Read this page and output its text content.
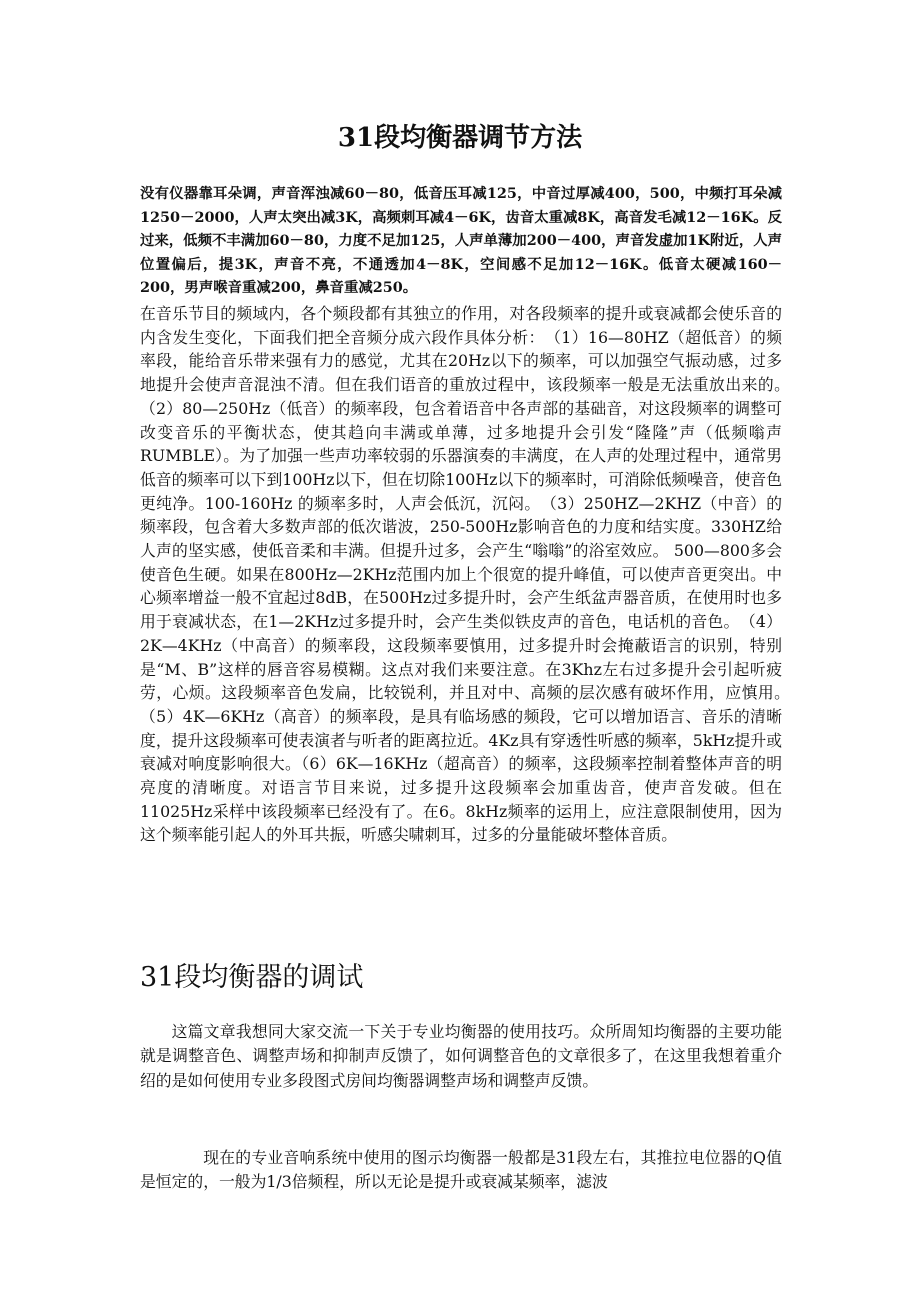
31段均衡器调节方法

没有仪器靠耳朵调，声音浑浊减60－80，低音压耳减125，中音过厚减400，500，中频打耳朵减1250－2000，人声太突出减3K，高频刺耳减4－6K，齿音太重减8K，高音发毛减12－16K。反过来，低频不丰满加60－80，力度不足加125，人声单薄加200－400，声音发虚加1K附近，人声位置偏后，提3K，声音不亮，不通透加4－8K，空间感不足加12－16K。低音太硬减160－200，男声喉音重减200，鼻音重减250。

在音乐节目的频域内，各个频段都有其独立的作用，对各段频率的提升或衰减都会使乐音的内含发生变化，下面我们把全音频分成六段作具体分析：　（1）16—80HZ（超低音）的频率段，能给音乐带来强有力的感觉，尤其在20Hz以下的频率，可以加强空气振动感，过多地提升会使声音混浊不清。但在我们语音的重放过程中，该段频率一般是无法重放出来的。　（2）80—250Hz（低音）的频率段，包含着语音中各声部的基础音，对这段频率的调整可改变音乐的平衡状态，使其趋向丰满或单薄，过多地提升会引发“隆隆”声（低频嗡声RUMBLE）。为了加强一些声功率较弱的乐器演奏的丰满度，在人声的处理过程中，通常男低音的频率可以下到100Hz以下，但在切除100Hz以下的频率时，可消除低频噪音，使音色更纯净。100-160Hz 的频率多时，人声会低沉，沉闷。　（3）250HZ—2KHZ（中音）的频率段，包含着大多数声部的低次谐波，250-500Hz影响音色的力度和结实度。330HZ给人声的坚实感，使低音柔和丰满。但提升过多，会产生“嗡嗡”的浴室效应。 500—800多会使音色生硬。如果在800Hz—2KHz范围内加上个很宽的提升峰值，可以使声音更突出。中心频率增益一般不宜起过8dB，在500Hz过多提升时，会产生纸盆声器音质，在使用时也多用于衰减状态，在1—2KHz过多提升时，会产生类似铁皮声的音色，电话机的音色。　（4）2K—4KHz（中高音）的频率段，这段频率要慎用，过多提升时会掩蔽语言的识别，特别是“M、B”这样的唇音容易模糊。这点对我们来要注意。在3Khz左右过多提升会引起听疲劳，心烦。这段频率音色发扁，比较锐利，并且对中、高频的层次感有破坏作用，应慎用。　（5）4K—6KHz（高音）的频率段，是具有临场感的频段，它可以增加语言、音乐的清晰度，提升这段频率可使表演者与听者的距离拉近。4Kz具有穿透性听感的频率，5kHz提升或衰减对响度影响很大。（6）6K—16KHz（超高音）的频率，这段频率控制着整体声音的明亮度的清晰度。对语言节目来说，过多提升这段频率会加重齿音，使声音发破。但在11025Hz采样中该段频率已经没有了。在6。8kHz频率的运用上，应注意限制使用，因为这个频率能引起人的外耳共振，听感尖啸刺耳，过多的分量能破坏整体音质。

31段均衡器的调试

这篇文章我想同大家交流一下关于专业均衡器的使用技巧。众所周知均衡器的主要功能就是调整音色、调整声场和抑制声反馈了，如何调整音色的文章很多了，在这里我想着重介绍的是如何使用专业多段图式房间均衡器调整声场和调整声反馈。

现在的专业音响系统中使用的图示均衡器一般都是31段左右，其推拉电位器的Q值是恒定的，一般为1/3倍频程，所以无论是提升或衰减某频率，滤波
